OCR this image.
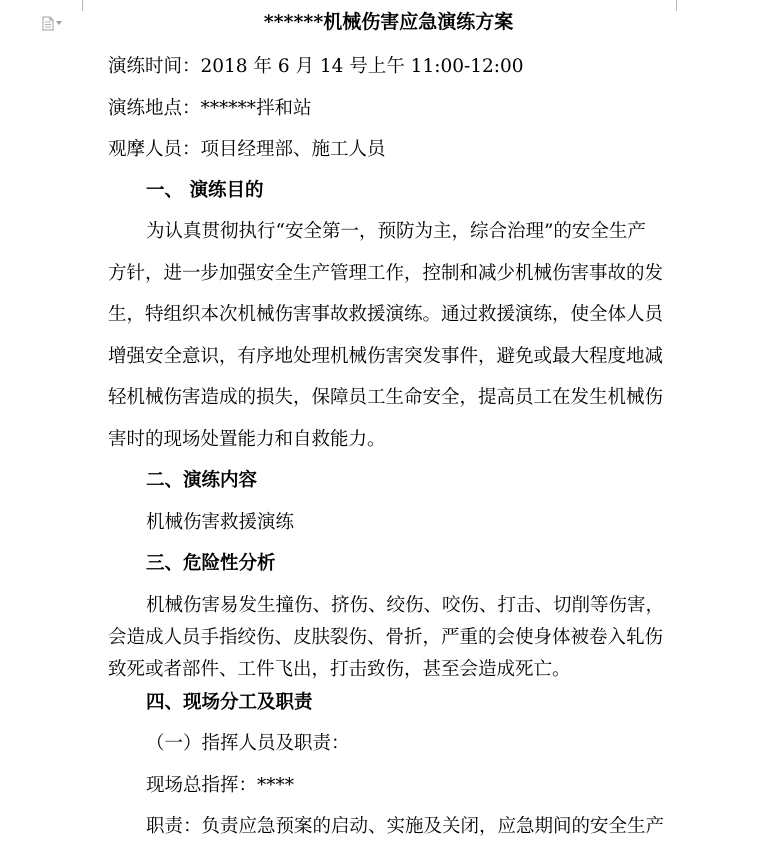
******机械伤害应急演练方案
演练时间：2018 年 6 月 14 号上午 11:00-12:00
演练地点：******拌和站
观摩人员：项目经理部、施工人员
一、 演练目的
为认真贯彻执行“安全第一，预防为主，综合治理”的安全生产
方针，进一步加强安全生产管理工作，控制和减少机械伤害事故的发
生，特组织本次机械伤害事故救援演练。通过救援演练，使全体人员
增强安全意识，有序地处理机械伤害突发事件，避免或最大程度地减
轻机械伤害造成的损失，保障员工生命安全，提高员工在发生机械伤
害时的现场处置能力和自救能力。
二、演练内容
机械伤害救援演练
三、危险性分析
机械伤害易发生撞伤、挤伤、绞伤、咬伤、打击、切削等伤害，
会造成人员手指绞伤、皮肤裂伤、骨折，严重的会使身体被卷入轧伤
致死或者部件、工件飞出，打击致伤，甚至会造成死亡。
四、现场分工及职责
（一）指挥人员及职责：
现场总指挥：****
职责：负责应急预案的启动、实施及关闭，应急期间的安全生产
